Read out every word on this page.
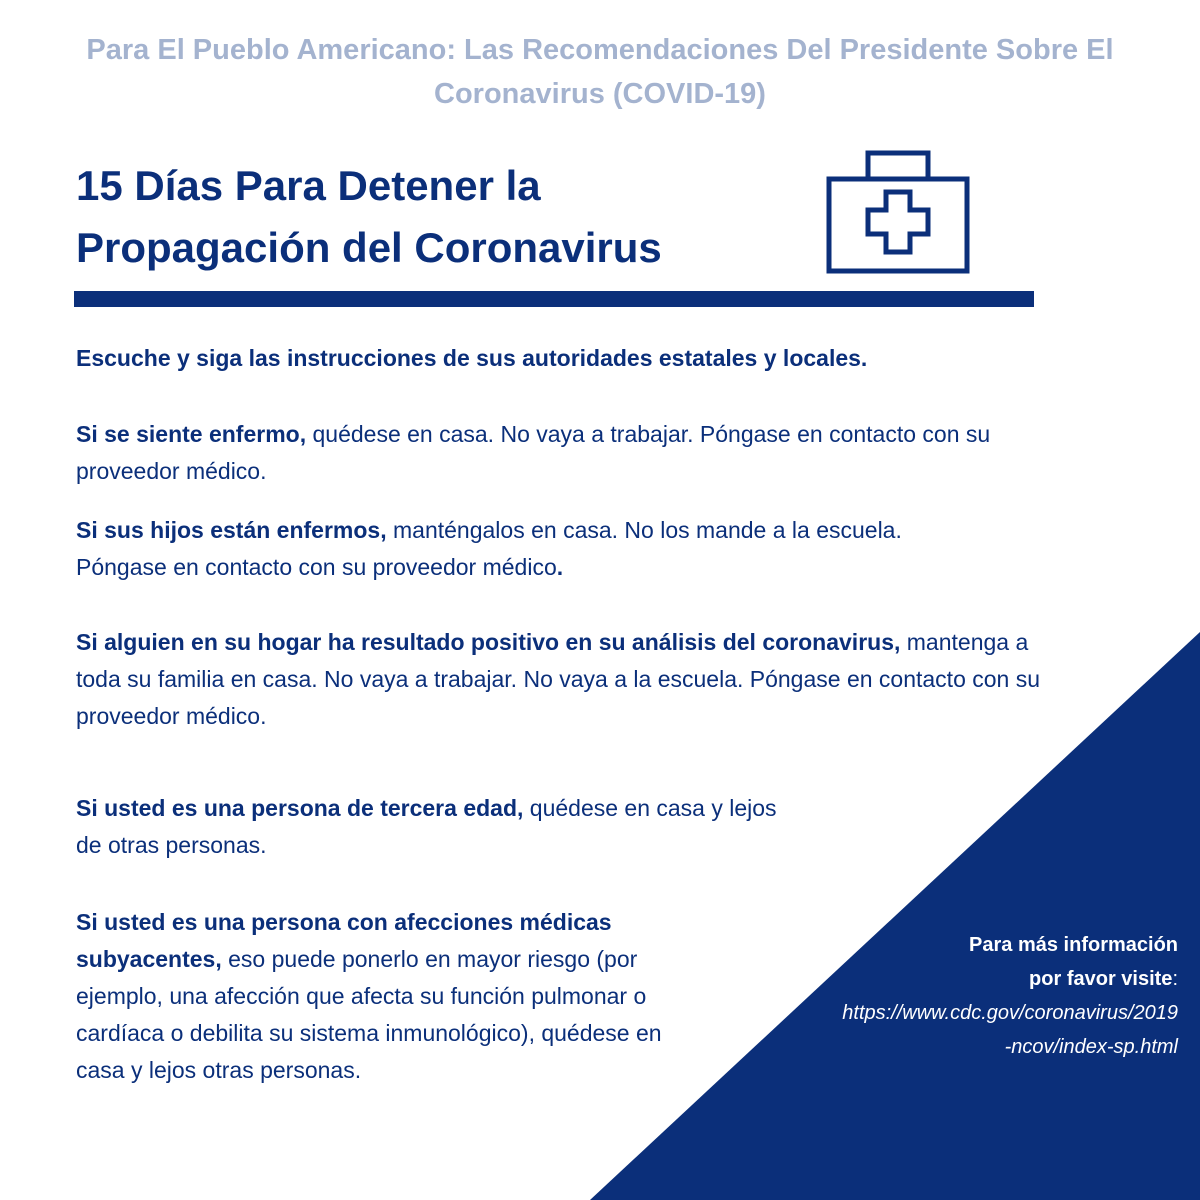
Para El Pueblo Americano: Las Recomendaciones Del Presidente Sobre El Coronavirus (COVID-19)
15 Días Para Detener la Propagación del Coronavirus
Escuche y siga las instrucciones de sus autoridades estatales y locales.
Si se siente enfermo, quédese en casa. No vaya a trabajar. Póngase en contacto con su proveedor médico.
Si sus hijos están enfermos, manténgalos en casa. No los mande a la escuela. Póngase en contacto con su proveedor médico.
Si alguien en su hogar ha resultado positivo en su análisis del coronavirus, mantenga a toda su familia en casa. No vaya a trabajar. No vaya a la escuela. Póngase en contacto con su proveedor médico.
Si usted es una persona de tercera edad, quédese en casa y lejos de otras personas.
Si usted es una persona con afecciones médicas subyacentes, eso puede ponerlo en mayor riesgo (por ejemplo, una afección que afecta su función pulmonar o cardíaca o debilita su sistema inmunológico), quédese en casa y lejos otras personas.
Para más información
por favor visite:
https://www.cdc.gov/coronavirus/2019-ncov/index-sp.html
